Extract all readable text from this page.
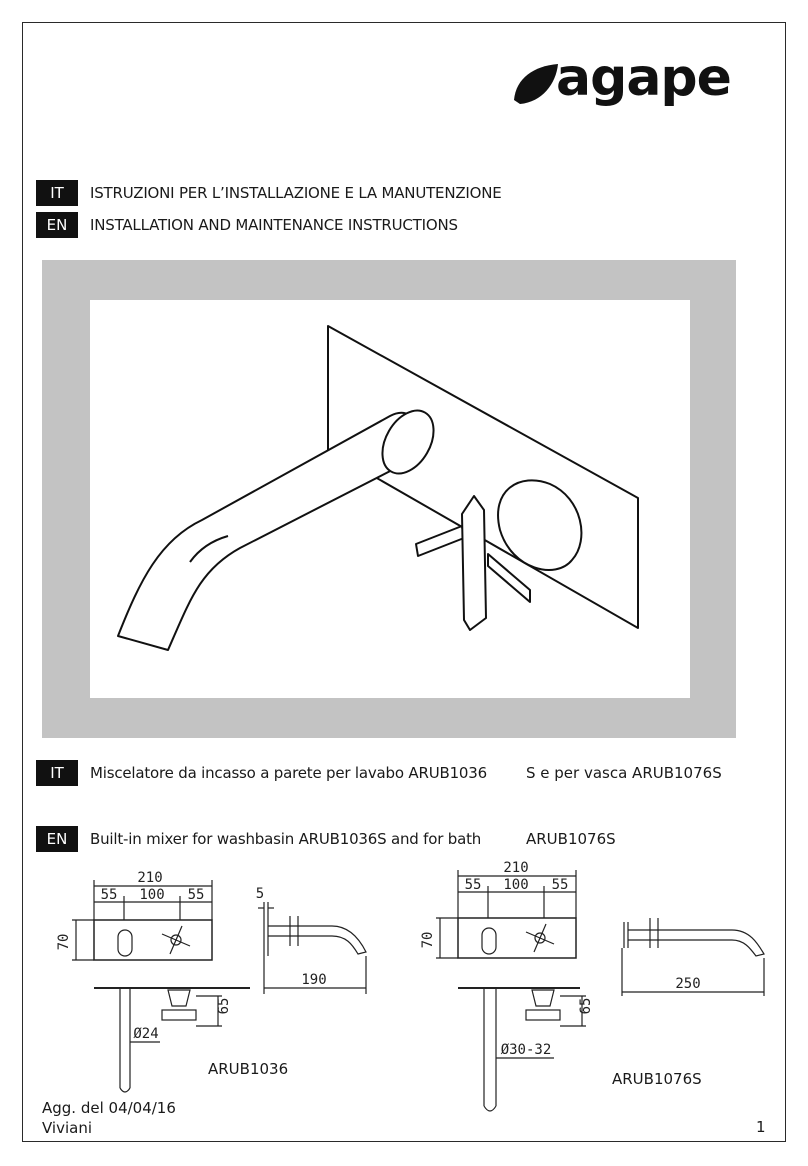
agape
IT	ISTRUZIONI PER L’INSTALLAZIONE E LA MANUTENZIONE
EN	INSTALLATION AND MAINTENANCE INSTRUCTIONS
IT	Miscelatore da incasso a parete per lavabo ARUB1036	S e per vasca ARUB1076S
EN	Built-in mixer for washbasin ARUB1036S and for bath	ARUB1076S
210
55 100 55
70
5
190
65
Ø24
ARUB1036
210
55 100 55
70
250
65
Ø30-32
ARUB1076S
Agg. del 04/04/16
Viviani	1
